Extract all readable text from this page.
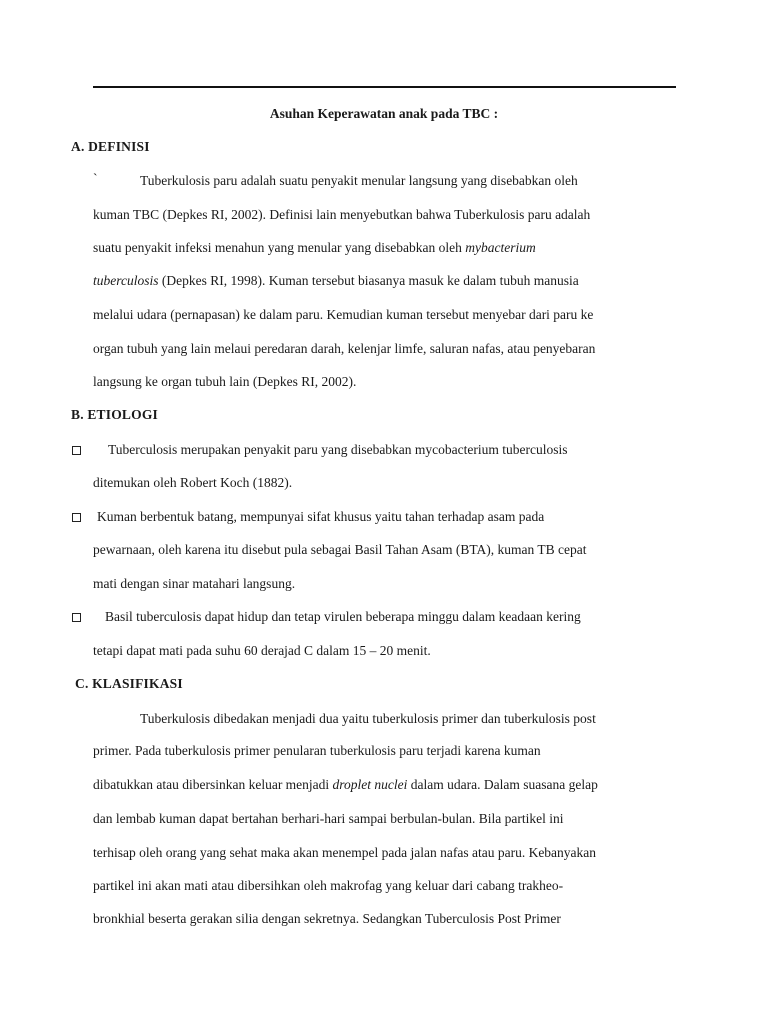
Asuhan Keperawatan anak pada TBC :
A. DEFINISI
`	Tuberkulosis paru adalah suatu penyakit menular langsung yang disebabkan oleh
kuman TBC (Depkes RI, 2002). Definisi lain menyebutkan bahwa Tuberkulosis paru adalah
suatu penyakit infeksi menahun yang menular yang disebabkan oleh mybacterium
tuberculosis (Depkes RI, 1998). Kuman tersebut biasanya masuk ke dalam tubuh manusia
melalui udara (pernapasan) ke dalam paru. Kemudian kuman tersebut menyebar dari paru ke
organ tubuh yang lain melaui peredaran darah, kelenjar limfe, saluran nafas, atau penyebaran
langsung ke organ tubuh lain (Depkes RI, 2002).
B. ETIOLOGI
Tuberculosis merupakan penyakit paru yang disebabkan mycobacterium tuberculosis
ditemukan oleh Robert Koch (1882).
Kuman berbentuk batang, mempunyai sifat khusus yaitu tahan terhadap asam pada
pewarnaan, oleh karena itu disebut pula sebagai Basil Tahan Asam (BTA), kuman TB cepat
mati dengan sinar matahari langsung.
Basil tuberculosis dapat hidup dan tetap virulen beberapa minggu dalam keadaan kering
tetapi dapat mati pada suhu 60 derajad C dalam 15 – 20 menit.
C. KLASIFIKASI
Tuberkulosis dibedakan menjadi dua yaitu tuberkulosis primer dan tuberkulosis post
primer. Pada tuberkulosis primer penularan tuberkulosis paru terjadi karena kuman
dibatukkan atau dibersinkan keluar menjadi droplet nuclei dalam udara. Dalam suasana gelap
dan lembab kuman dapat bertahan berhari-hari sampai berbulan-bulan. Bila partikel ini
terhisap oleh orang yang sehat maka akan menempel pada jalan nafas atau paru. Kebanyakan
partikel ini akan mati atau dibersihkan oleh makrofag yang keluar dari cabang trakheo-
bronkhial beserta gerakan silia dengan sekretnya. Sedangkan Tuberculosis Post Primer
